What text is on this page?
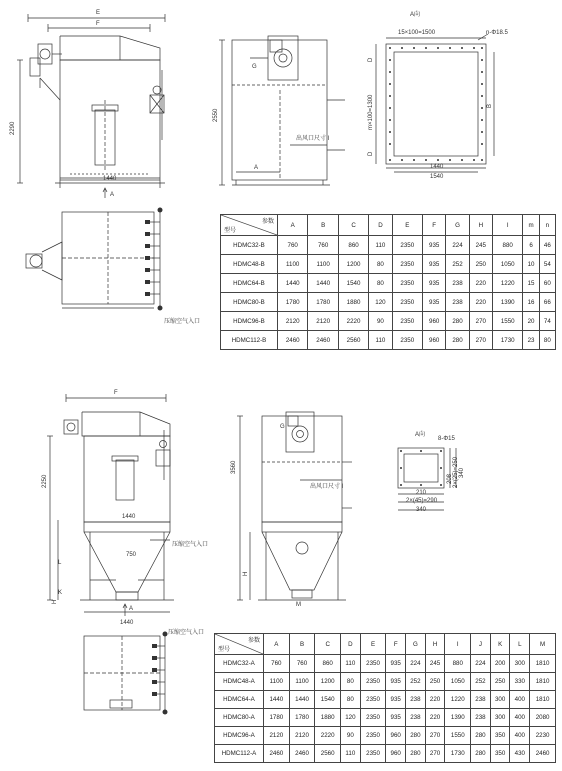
E
F
2290
1440
A
2550
G
A
出风口尺寸 I
A向
15×100=1500	n-Φ18.5
m×100=1300
D
D
B
1440
1540
压缩空气入口
F
2250
1440
750
压缩空气入口
H
1440
A
L
K
3560
G
出风口尺寸 I
H
M
A向
8-Φ15
208 2×(25)=250 340
210
2×(45)=290
340
压缩空气入口
参数
型号	A	B	C	D	E	F	G	H	I	m	n
HDMC32-B	760	760	860	110	2350	935	224	245	880	6	46
HDMC48-B	1100	1100	1200	80	2350	935	252	250	1050	10	54
HDMC64-B	1440	1440	1540	80	2350	935	238	220	1220	15	60
HDMC80-B	1780	1780	1880	120	2350	935	238	220	1390	16	66
HDMC96-B	2120	2120	2220	90	2350	960	280	270	1550	20	74
HDMC112-B	2460	2460	2560	110	2350	960	280	270	1730	23	80
参数
型号	A	B	C	D	E	F	G	H	I	J	K	L	M
HDMC32-A	760	760	860	110	2350	935	224	245	880	224	200	300	1810
HDMC48-A	1100	1100	1200	80	2350	935	252	250	1050	252	250	330	1810
HDMC64-A	1440	1440	1540	80	2350	935	238	220	1220	238	300	400	1810
HDMC80-A	1780	1780	1880	120	2350	935	238	220	1390	238	300	400	2080
HDMC96-A	2120	2120	2220	90	2350	960	280	270	1550	280	350	400	2230
HDMC112-A	2460	2460	2560	110	2350	960	280	270	1730	280	350	430	2460
